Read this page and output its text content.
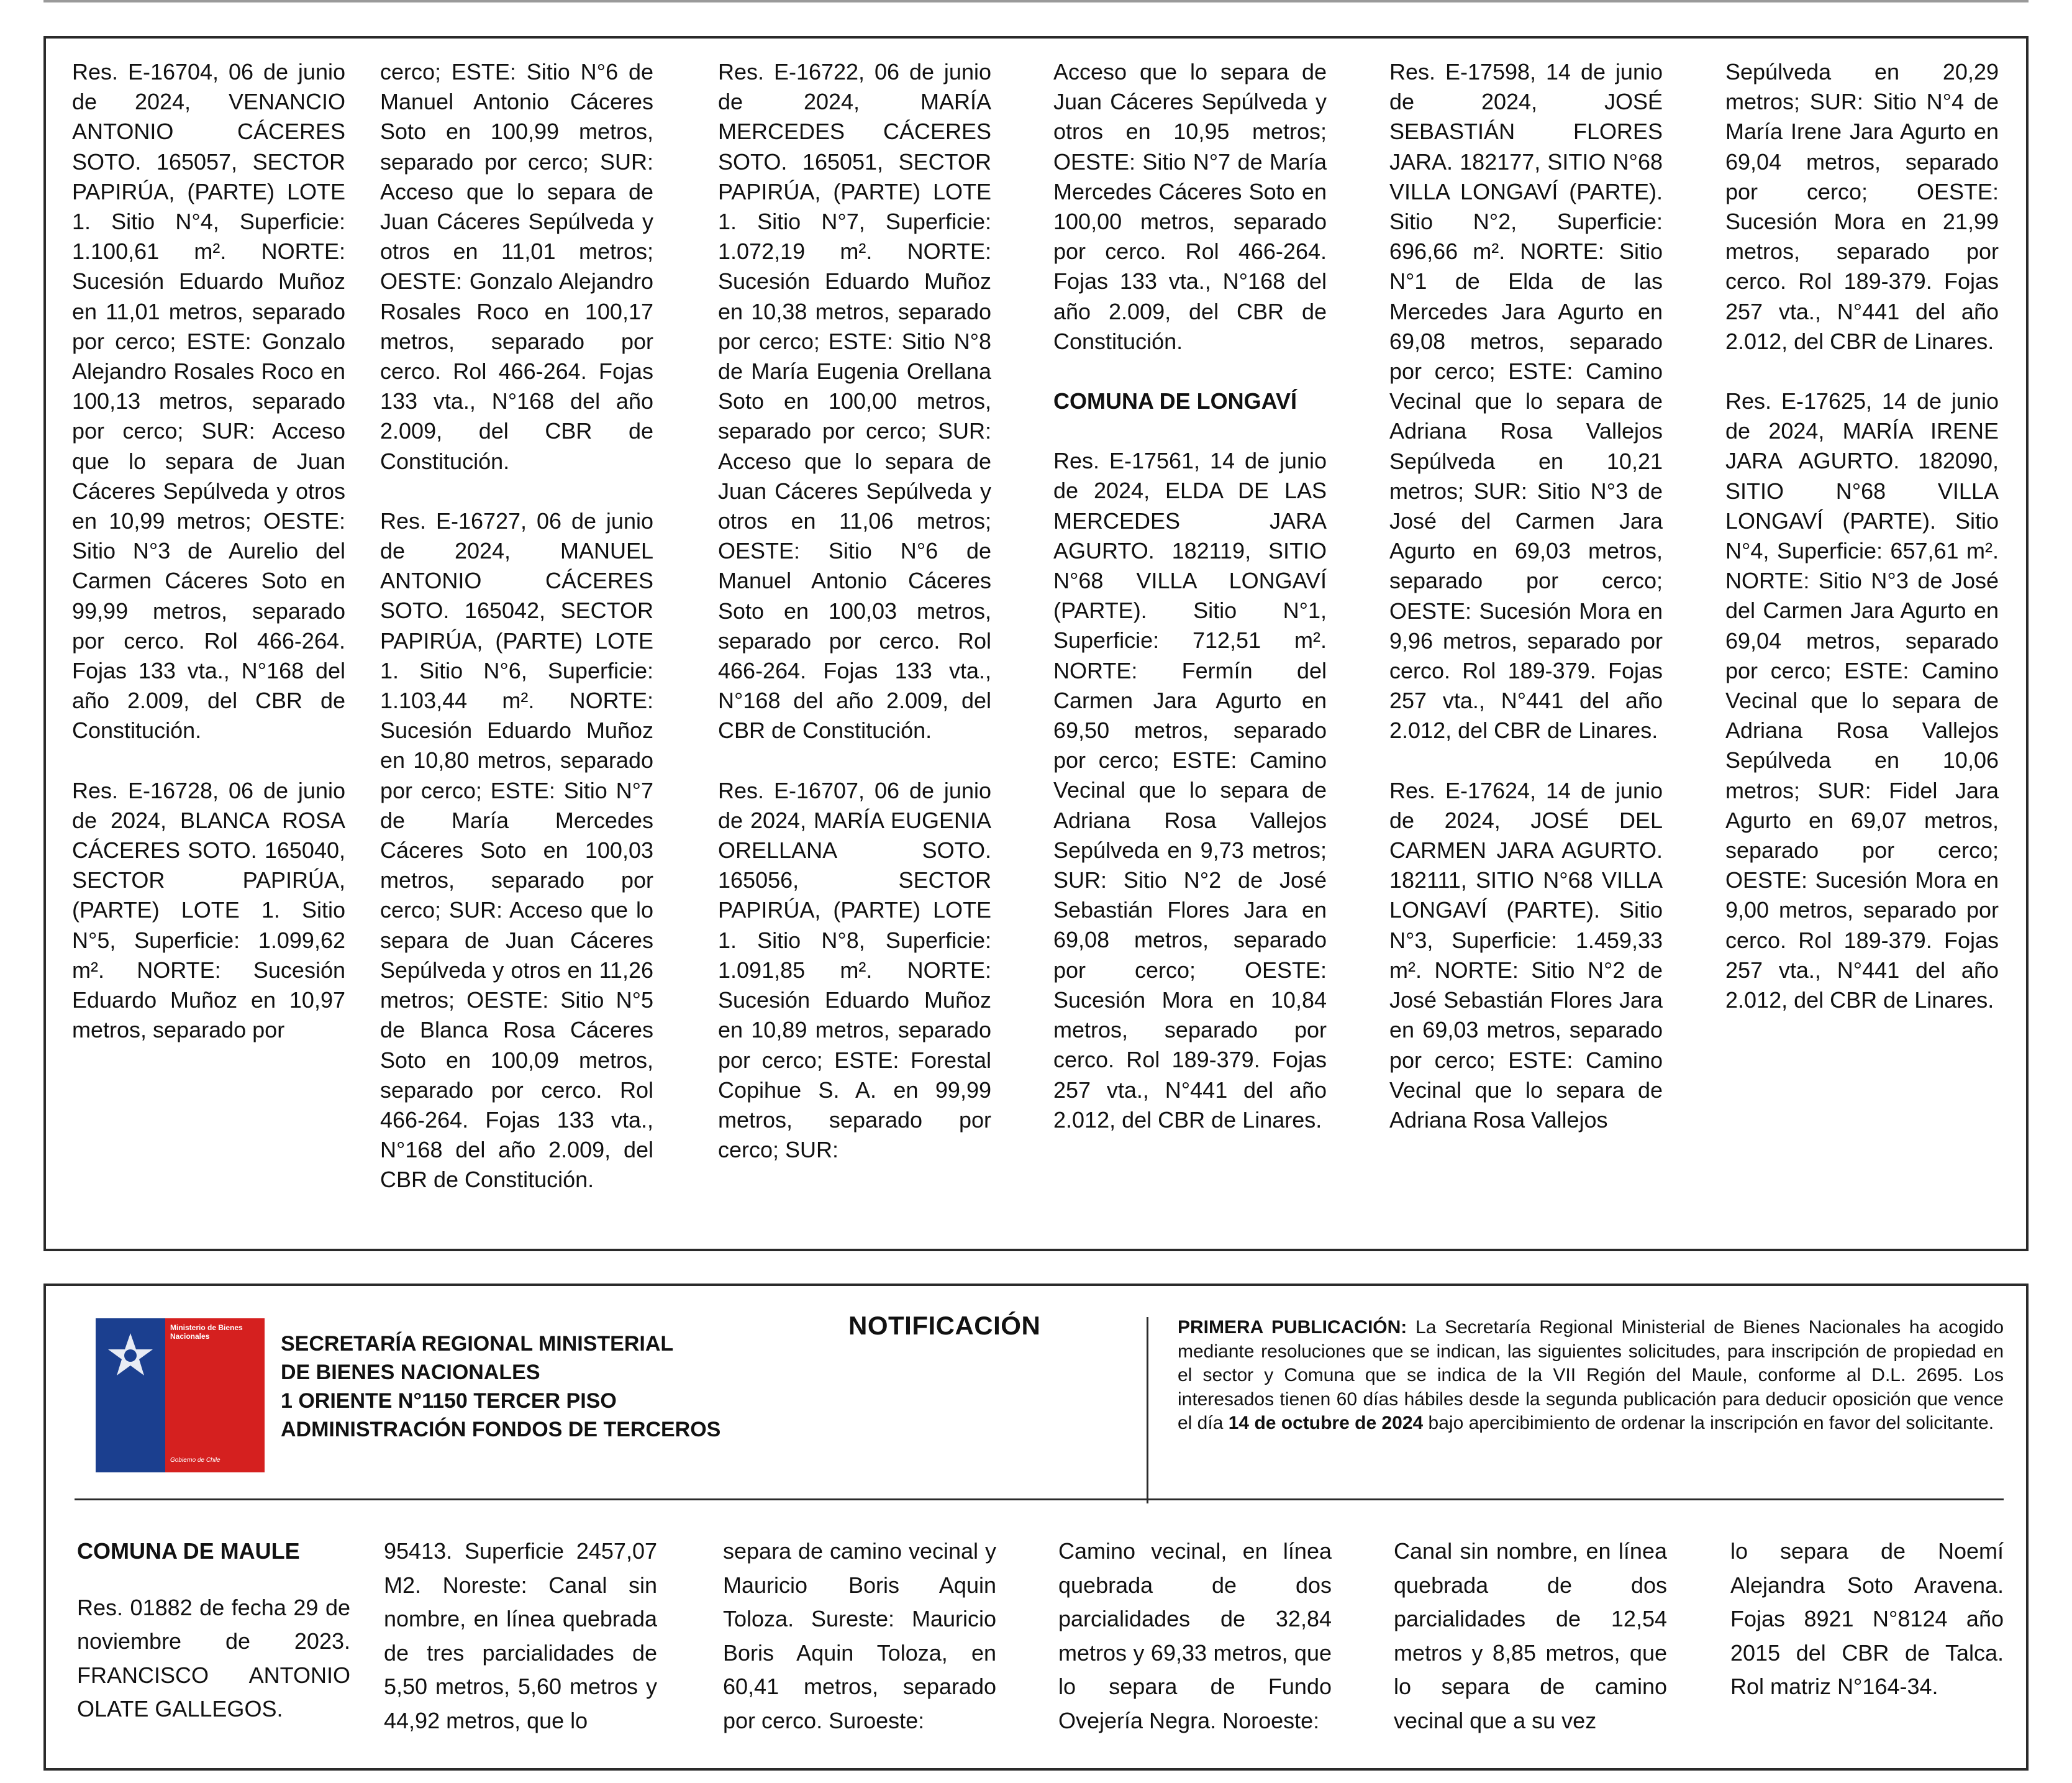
Res. E-16704, 06 de junio de 2024, VENANCIO ANTONIO CÁCERES SOTO. 165057, SECTOR PAPIRÚA, (PARTE) LOTE 1. Sitio N°4, Superficie: 1.100,61 m². NORTE: Sucesión Eduardo Muñoz en 11,01 metros, separado por cerco; ESTE: Gonzalo Alejandro Rosales Roco en 100,13 metros, separado por cerco; SUR: Acceso que lo separa de Juan Cáceres Sepúlveda y otros en 10,99 metros; OESTE: Sitio N°3 de Aurelio del Carmen Cáceres Soto en 99,99 metros, separado por cerco. Rol 466-264. Fojas 133 vta., N°168 del año 2.009, del CBR de Constitución.
Res. E-16728, 06 de junio de 2024, BLANCA ROSA CÁCERES SOTO. 165040, SECTOR PAPIRÚA, (PARTE) LOTE 1. Sitio N°5, Superficie: 1.099,62 m². NORTE: Sucesión Eduardo Muñoz en 10,97 metros, separado por
cerco; ESTE: Sitio N°6 de Manuel Antonio Cáceres Soto en 100,99 metros, separado por cerco; SUR: Acceso que lo separa de Juan Cáceres Sepúlveda y otros en 11,01 metros; OESTE: Gonzalo Alejandro Rosales Roco en 100,17 metros, separado por cerco. Rol 466-264. Fojas 133 vta., N°168 del año 2.009, del CBR de Constitución.
Res. E-16727, 06 de junio de 2024, MANUEL ANTONIO CÁCERES SOTO. 165042, SECTOR PAPIRÚA, (PARTE) LOTE 1. Sitio N°6, Superficie: 1.103,44 m². NORTE: Sucesión Eduardo Muñoz en 10,80 metros, separado por cerco; ESTE: Sitio N°7 de María Mercedes Cáceres Soto en 100,03 metros, separado por cerco; SUR: Acceso que lo separa de Juan Cáceres Sepúlveda y otros en 11,26 metros; OESTE: Sitio N°5 de Blanca Rosa Cáceres Soto en 100,09 metros, separado por cerco. Rol 466-264. Fojas 133 vta., N°168 del año 2.009, del CBR de Constitución.
Res. E-16722, 06 de junio de 2024, MARÍA MERCEDES CÁCERES SOTO. 165051, SECTOR PAPIRÚA, (PARTE) LOTE 1. Sitio N°7, Superficie: 1.072,19 m². NORTE: Sucesión Eduardo Muñoz en 10,38 metros, separado por cerco; ESTE: Sitio N°8 de María Eugenia Orellana Soto en 100,00 metros, separado por cerco; SUR: Acceso que lo separa de Juan Cáceres Sepúlveda y otros en 11,06 metros; OESTE: Sitio N°6 de Manuel Antonio Cáceres Soto en 100,03 metros, separado por cerco. Rol 466-264. Fojas 133 vta., N°168 del año 2.009, del CBR de Constitución.
Res. E-16707, 06 de junio de 2024, MARÍA EUGENIA ORELLANA SOTO. 165056, SECTOR PAPIRÚA, (PARTE) LOTE 1. Sitio N°8, Superficie: 1.091,85 m². NORTE: Sucesión Eduardo Muñoz en 10,89 metros, separado por cerco; ESTE: Forestal Copihue S. A. en 99,99 metros, separado por cerco; SUR:
Acceso que lo separa de Juan Cáceres Sepúlveda y otros en 10,95 metros; OESTE: Sitio N°7 de María Mercedes Cáceres Soto en 100,00 metros, separado por cerco. Rol 466-264. Fojas 133 vta., N°168 del año 2.009, del CBR de Constitución.
COMUNA DE LONGAVÍ
Res. E-17561, 14 de junio de 2024, ELDA DE LAS MERCEDES JARA AGURTO. 182119, SITIO N°68 VILLA LONGAVÍ (PARTE). Sitio N°1, Superficie: 712,51 m². NORTE: Fermín del Carmen Jara Agurto en 69,50 metros, separado por cerco; ESTE: Camino Vecinal que lo separa de Adriana Rosa Vallejos Sepúlveda en 9,73 metros; SUR: Sitio N°2 de José Sebastián Flores Jara en 69,08 metros, separado por cerco; OESTE: Sucesión Mora en 10,84 metros, separado por cerco. Rol 189-379. Fojas 257 vta., N°441 del año 2.012, del CBR de Linares.
Res. E-17598, 14 de junio de 2024, JOSÉ SEBASTIÁN FLORES JARA. 182177, SITIO N°68 VILLA LONGAVÍ (PARTE). Sitio N°2, Superficie: 696,66 m². NORTE: Sitio N°1 de Elda de las Mercedes Jara Agurto en 69,08 metros, separado por cerco; ESTE: Camino Vecinal que lo separa de Adriana Rosa Vallejos Sepúlveda en 10,21 metros; SUR: Sitio N°3 de José del Carmen Jara Agurto en 69,03 metros, separado por cerco; OESTE: Sucesión Mora en 9,96 metros, separado por cerco. Rol 189-379. Fojas 257 vta., N°441 del año 2.012, del CBR de Linares.
Res. E-17624, 14 de junio de 2024, JOSÉ DEL CARMEN JARA AGURTO. 182111, SITIO N°68 VILLA LONGAVÍ (PARTE). Sitio N°3, Superficie: 1.459,33 m². NORTE: Sitio N°2 de José Sebastián Flores Jara en 69,03 metros, separado por cerco; ESTE: Camino Vecinal que lo separa de Adriana Rosa Vallejos
Sepúlveda en 20,29 metros; SUR: Sitio N°4 de María Irene Jara Agurto en 69,04 metros, separado por cerco; OESTE: Sucesión Mora en 21,99 metros, separado por cerco. Rol 189-379. Fojas 257 vta., N°441 del año 2.012, del CBR de Linares.
Res. E-17625, 14 de junio de 2024, MARÍA IRENE JARA AGURTO. 182090, SITIO N°68 VILLA LONGAVÍ (PARTE). Sitio N°4, Superficie: 657,61 m². NORTE: Sitio N°3 de José del Carmen Jara Agurto en 69,04 metros, separado por cerco; ESTE: Camino Vecinal que lo separa de Adriana Rosa Vallejos Sepúlveda en 10,06 metros; SUR: Fidel Jara Agurto en 69,07 metros, separado por cerco; OESTE: Sucesión Mora en 9,00 metros, separado por cerco. Rol 189-379. Fojas 257 vta., N°441 del año 2.012, del CBR de Linares.
Ministerio de Bienes Nacionales
Gobierno de Chile
SECRETARÍA REGIONAL MINISTERIAL
DE BIENES NACIONALES
1 ORIENTE N°1150 TERCER PISO
ADMINISTRACIÓN FONDOS DE TERCEROS
NOTIFICACIÓN	PRIMERA PUBLICACIÓN: La Secretaría Regional Ministerial de Bienes Nacionales ha acogido mediante resoluciones que se indican, las siguientes solicitudes, para inscripción de propiedad en el sector y Comuna que se indica de la VII Región del Maule, conforme al D.L. 2695. Los interesados tienen 60 días hábiles desde la segunda publicación para deducir oposición que vence el día 14 de octubre de 2024 bajo apercibimiento de ordenar la inscripción en favor del solicitante.
COMUNA DE MAULE
Res. 01882 de fecha 29 de noviembre de 2023. FRANCISCO ANTONIO OLATE GALLEGOS.
95413. Superficie 2457,07 M2. Noreste: Canal sin nombre, en línea quebrada de tres parcialidades de 5,50 metros, 5,60 metros y 44,92 metros, que lo
separa de camino vecinal y Mauricio Boris Aquin Toloza. Sureste: Mauricio Boris Aquin Toloza, en 60,41 metros, separado por cerco. Suroeste:
Camino vecinal, en línea quebrada de dos parcialidades de 32,84 metros y 69,33 metros, que lo separa de Fundo Ovejería Negra. Noroeste:
Canal sin nombre, en línea quebrada de dos parcialidades de 12,54 metros y 8,85 metros, que lo separa de camino vecinal que a su vez
lo separa de Noemí Alejandra Soto Aravena. Fojas 8921 N°8124 año 2015 del CBR de Talca. Rol matriz N°164-34.
